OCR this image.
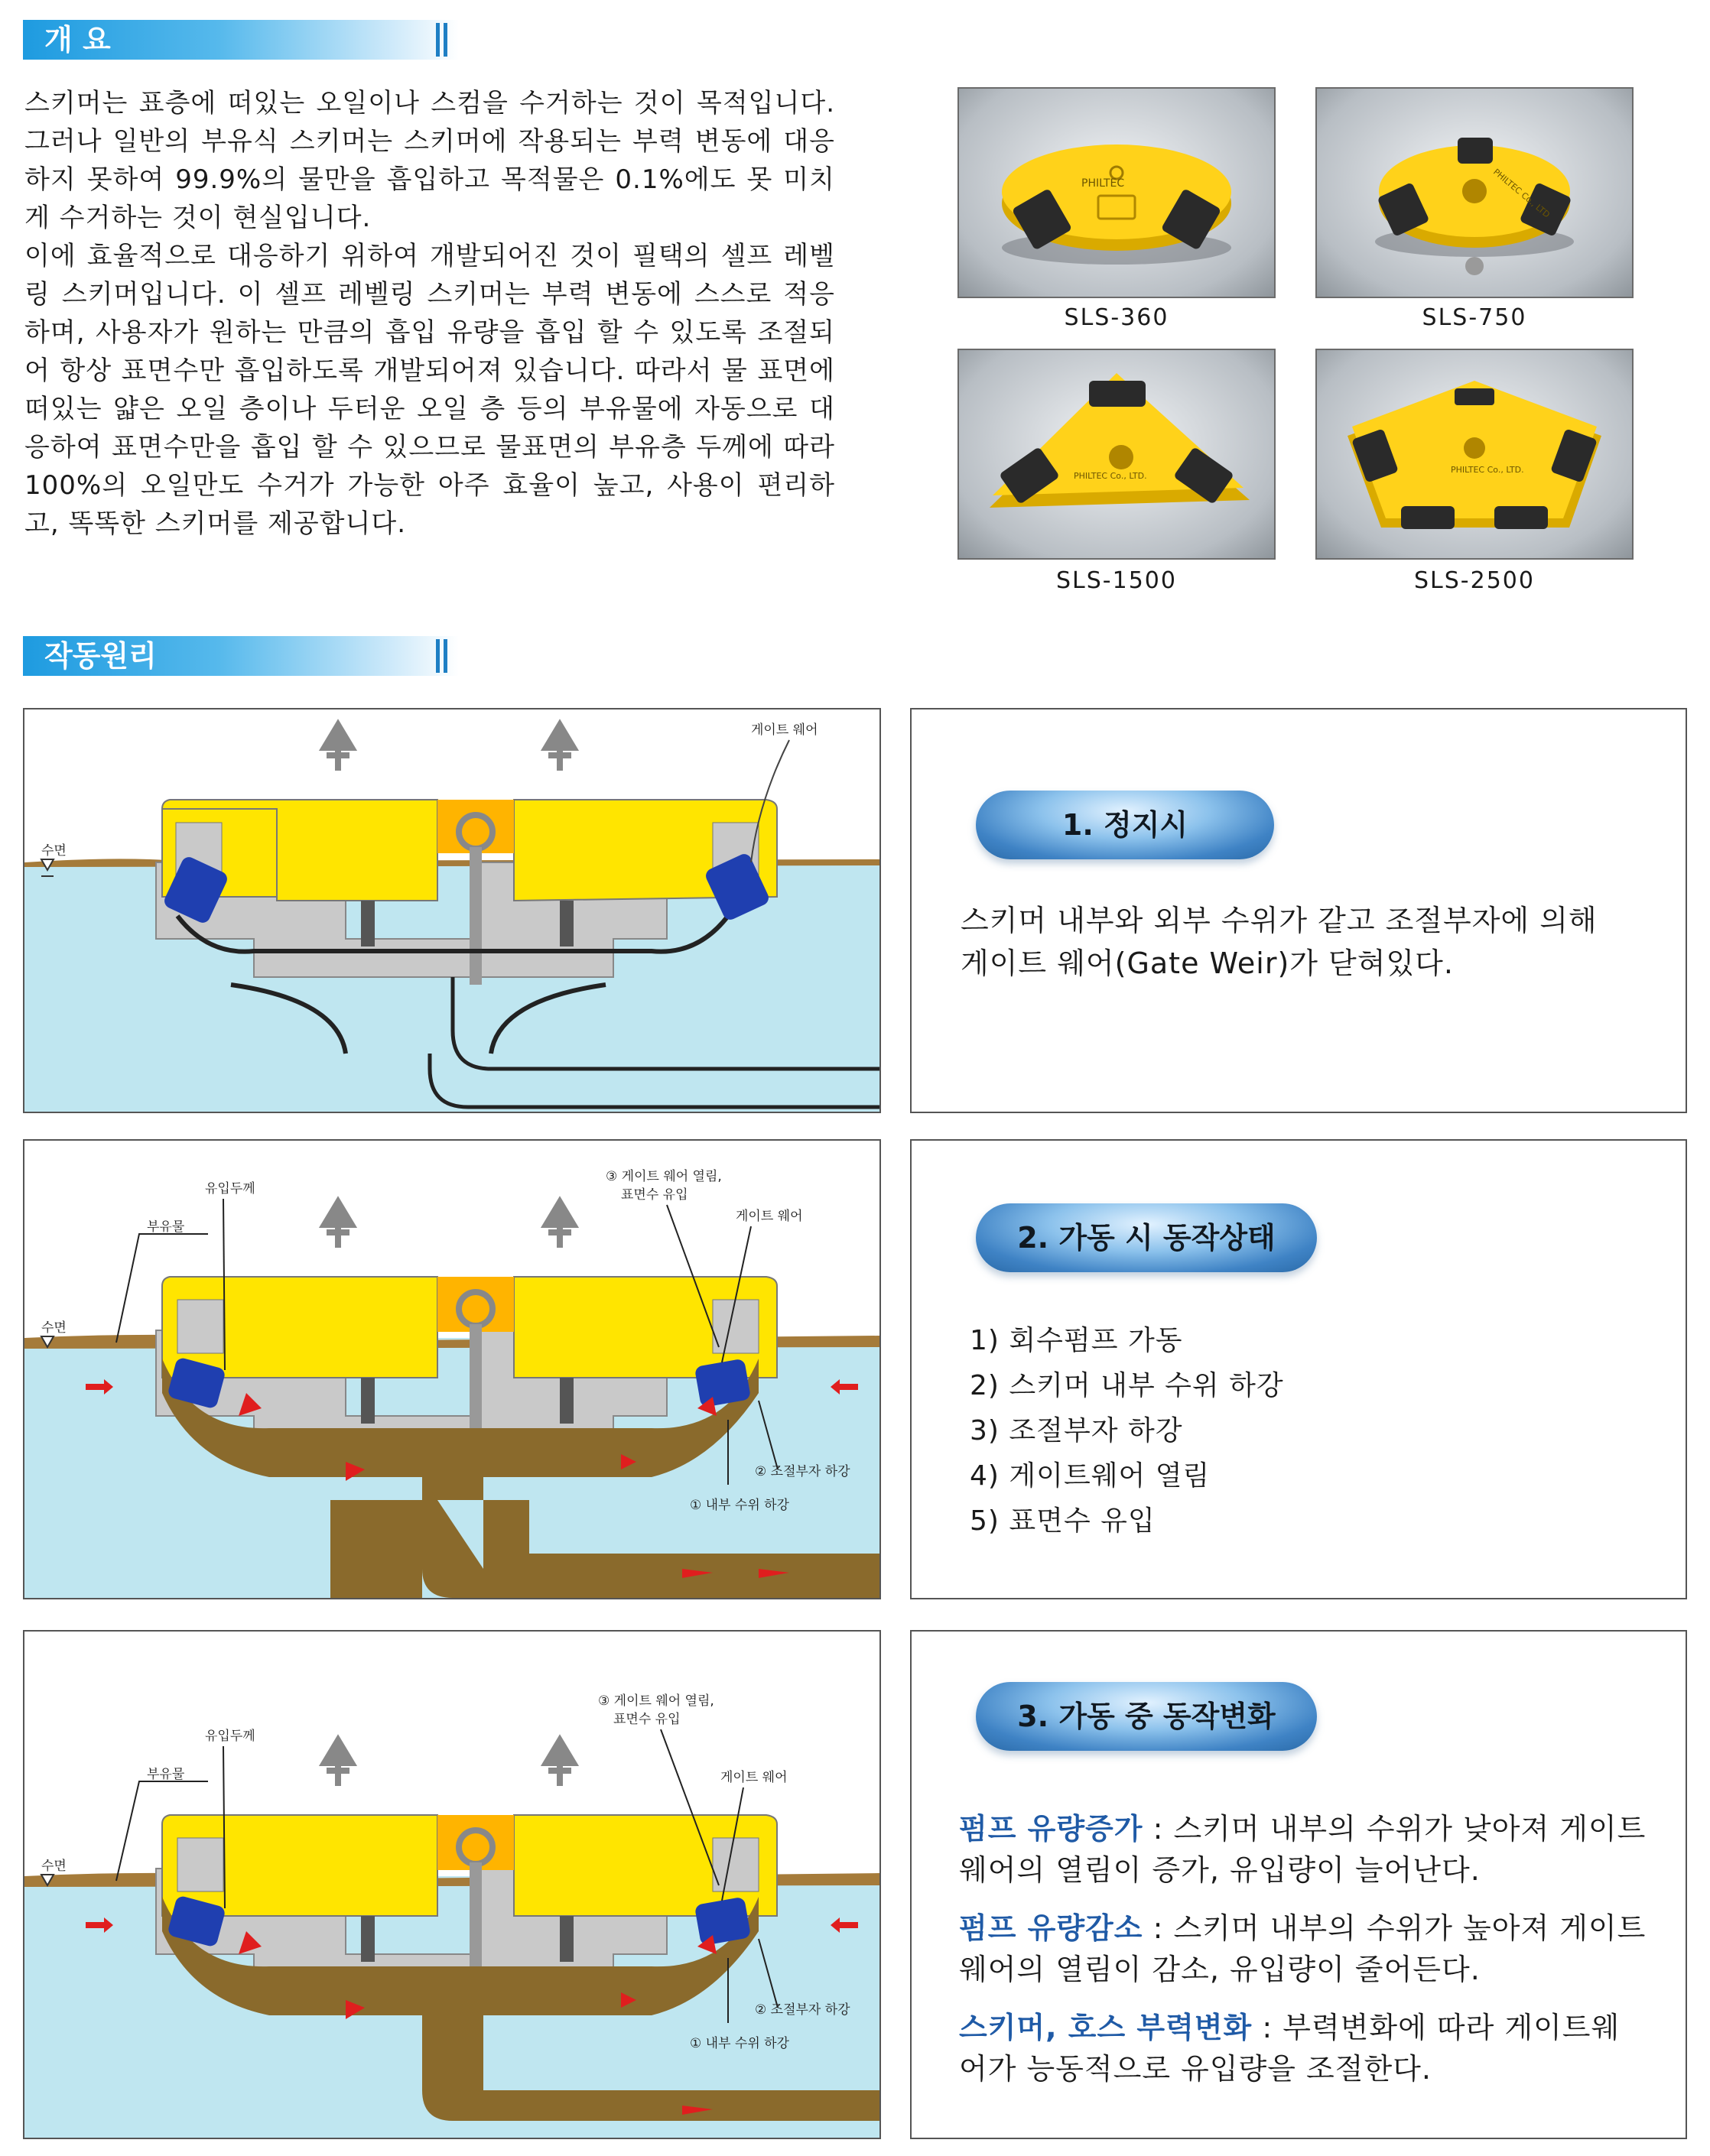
개 요

스키머는 표층에 떠있는 오일이나 스컴을 수거하는 것이 목적입니다. 그러나 일반의 부유식 스키머는 스키머에 작용되는 부력 변동에 대응하지 못하여 99.9%의 물만을 흡입하고 목적물은 0.1%에도 못 미치게 수거하는 것이 현실입니다.

이에 효율적으로 대응하기 위하여 개발되어진 것이 필택의 셀프 레벨링 스키머입니다. 이 셀프 레벨링 스키머는 부력 변동에 스스로 적응하며, 사용자가 원하는 만큼의 흡입 유량을 흡입 할 수 있도록 조절되어 항상 표면수만 흡입하도록 개발되어져 있습니다. 따라서 물 표면에 떠있는 얇은 오일 층이나 두터운 오일 층 등의 부유물에 자동으로 대응하여 표면수만을 흡입 할 수 있으므로 물표면의 부유층 두께에 따라 100%의 오일만도 수거가 가능한 아주 효율이 높고, 사용이 편리하고, 똑똑한 스키머를 제공합니다.

PHILTEC
SLS-360
PHILTEC Co., LTD
SLS-750
PHILTEC Co., LTD.
SLS-1500
PHILTEC Co., LTD.
SLS-2500
작동원리
수면
게이트 웨어
1. 정지시
스키머 내부와 외부 수위가 같고 조절부자에 의해
게이트 웨어(Gate Weir)가 닫혀있다.
수면
부유물
유입두께
③ 게이트 웨어 열림,
표면수 유입
게이트 웨어
② 조절부자 하강
① 내부 수위 하강
2. 가동 시 동작상태
1) 회수펌프 가동
2) 스키머 내부 수위 하강
3) 조절부자 하강
4) 게이트웨어 열림
5) 표면수 유입
수면
부유물
유입두께
③ 게이트 웨어 열림,
표면수 유입
게이트 웨어
② 조절부자 하강
① 내부 수위 하강
3. 가동 중 동작변화
펌프 유량증가 : 스키머 내부의 수위가 낮아져 게이트
웨어의 열림이 증가, 유입량이 늘어난다.
펌프 유량감소 : 스키머 내부의 수위가 높아져 게이트
웨어의 열림이 감소, 유입량이 줄어든다.
스키머, 호스 부력변화 : 부력변화에 따라 게이트웨
어가 능동적으로 유입량을 조절한다.
